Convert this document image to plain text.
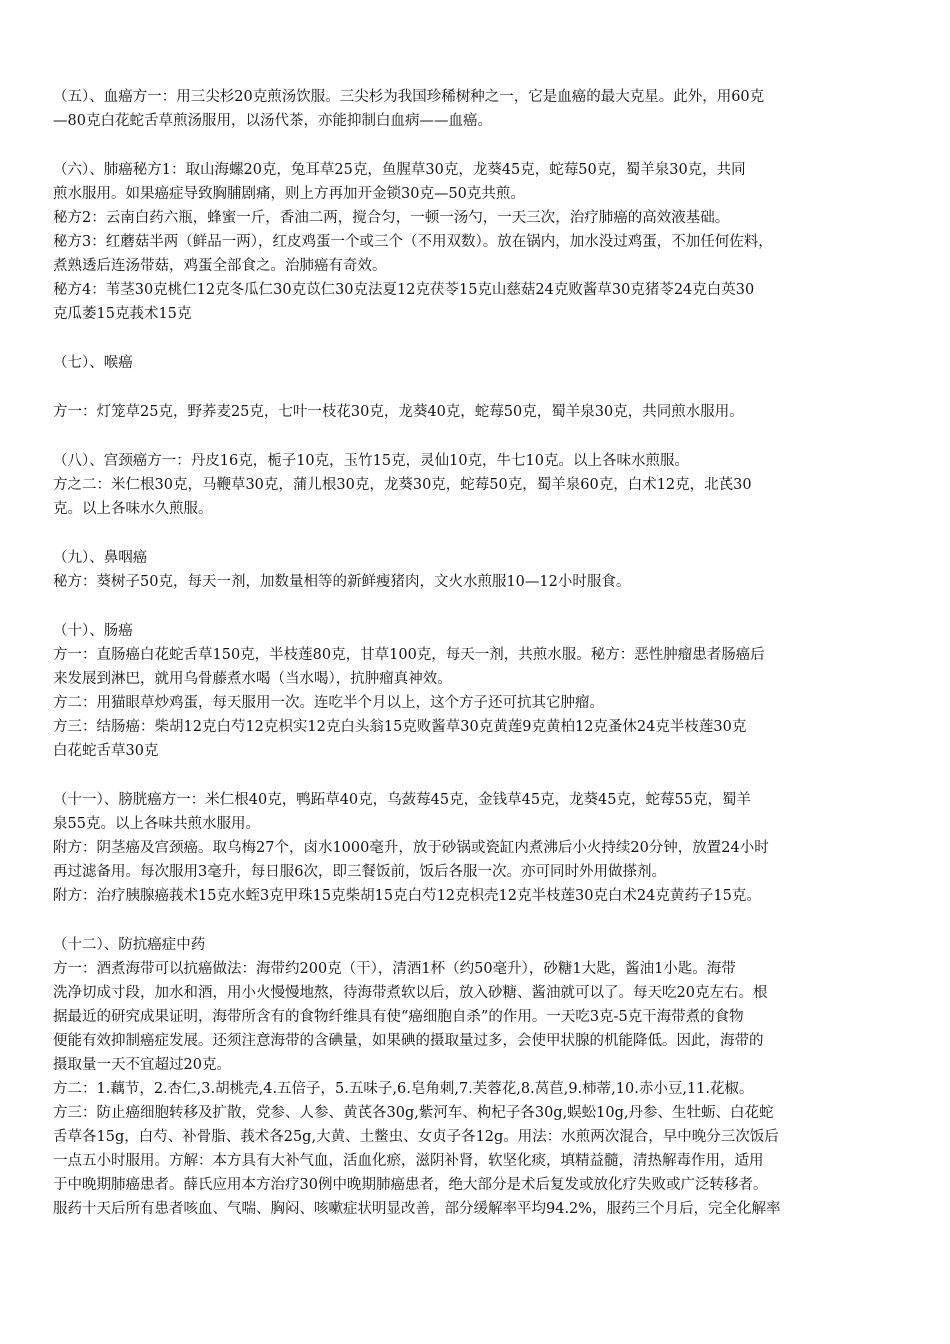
（五）、血癌方一：用三尖杉20克煎汤饮服。三尖杉为我国珍稀树种之一，它是血癌的最大克星。此外，用60克
—80克白花蛇舌草煎汤服用，以汤代茶，亦能抑制白血病——血癌。
（六）、肺癌秘方1：取山海螺20克，兔耳草25克，鱼腥草30克，龙葵45克，蛇莓50克，蜀羊泉30克，共同
煎水服用。如果癌症导致胸脯剧痛，则上方再加开金锁30克—50克共煎。
秘方2：云南白药六瓶，蜂蜜一斤，香油二两，搅合匀，一顿一汤勺，一天三次，治疗肺癌的高效液基础。
秘方3：红蘑菇半两（鲜品一两），红皮鸡蛋一个或三个（不用双数）。放在锅内，加水没过鸡蛋，不加任何佐料，
煮熟透后连汤带菇，鸡蛋全部食之。治肺癌有奇效。
秘方4：苇茎30克桃仁12克冬瓜仁30克苡仁30克法夏12克茯苓15克山慈菇24克败酱草30克猪苓24克白英30
克瓜萎15克莪术15克
（七）、喉癌
方一：灯笼草25克，野荞麦25克，七叶一枝花30克，龙葵40克，蛇莓50克，蜀羊泉30克，共同煎水服用。
（八）、宫颈癌方一：丹皮16克，栀子10克，玉竹15克，灵仙10克，牛七10克。以上各味水煎服。
方之二：米仁根30克，马鞭草30克，蒲儿根30克，龙葵30克，蛇莓50克，蜀羊泉60克，白术12克，北芪30
克。以上各味水久煎服。
（九）、鼻咽癌
秘方：葵树子50克，每天一剂，加数量相等的新鲜瘦猪肉，文火水煎服10—12小时服食。
（十）、肠癌
方一：直肠癌白花蛇舌草150克，半枝莲80克，甘草100克，每天一剂，共煎水服。秘方：恶性肿瘤患者肠癌后
来发展到淋巴，就用乌骨藤煮水喝（当水喝），抗肿瘤真神效。
方二：用猫眼草炒鸡蛋，每天服用一次。连吃半个月以上，这个方子还可抗其它肿瘤。
方三：结肠癌：柴胡12克白芍12克枳实12克白头翁15克败酱草30克黄莲9克黄柏12克蚤休24克半枝莲30克
白花蛇舌草30克
（十一）、膀胱癌方一：米仁根40克，鸭跖草40克，乌蔹莓45克，金钱草45克，龙葵45克，蛇莓55克，蜀羊
泉55克。以上各味共煎水服用。
附方：阴茎癌及宫颈癌。取乌梅27个，卤水1000毫升，放于砂锅或瓷缸内煮沸后小火持续20分钟，放置24小时
再过滤备用。每次服用3毫升，每日服6次，即三餐饭前，饭后各服一次。亦可同时外用做搽剂。
附方：治疗胰腺癌莪术15克水蛭3克甲珠15克柴胡15克白芍12克枳壳12克半枝莲30克白术24克黄药子15克。
（十二）、防抗癌症中药
方一：酒煮海带可以抗癌做法：海带约200克（干），清酒1杯（约50毫升），砂糖1大匙，酱油1小匙。海带
洗净切成寸段，加水和酒，用小火慢慢地熬，待海带煮软以后，放入砂糖、酱油就可以了。每天吃20克左右。根
据最近的研究成果证明，海带所含有的食物纤维具有使“癌细胞自杀”的作用。一天吃3克-5克干海带煮的食物
便能有效抑制癌症发展。还须注意海带的含碘量，如果碘的摄取量过多，会使甲状腺的机能降低。因此，海带的
摄取量一天不宜超过20克。
方二：1.藕节，2.杏仁,3.胡桃壳,4.五倍子，5.五味子,6.皂角刺,7.芙蓉花,8.莴苣,9.柿蒂,10.赤小豆,11.花椒。
方三：防止癌细胞转移及扩散，党参、人参、黄芪各30g,紫河车、枸杞子各30g,蜈蚣10g,丹参、生牡蛎、白花蛇
舌草各15g，白芍、补骨脂、莪术各25g,大黄、土鳖虫、女贞子各12g。用法：水煎两次混合，早中晚分三次饭后
一点五小时服用。方解：本方具有大补气血，活血化瘀，滋阴补肾，软坚化痰，填精益髓，清热解毒作用，适用
于中晚期肺癌患者。薛氏应用本方治疗30例中晚期肺癌患者，绝大部分是术后复发或放化疗失败或广泛转移者。
服药十天后所有患者咳血、气喘、胸闷、咳嗽症状明显改善，部分缓解率平均94.2%，服药三个月后，完全化解率
